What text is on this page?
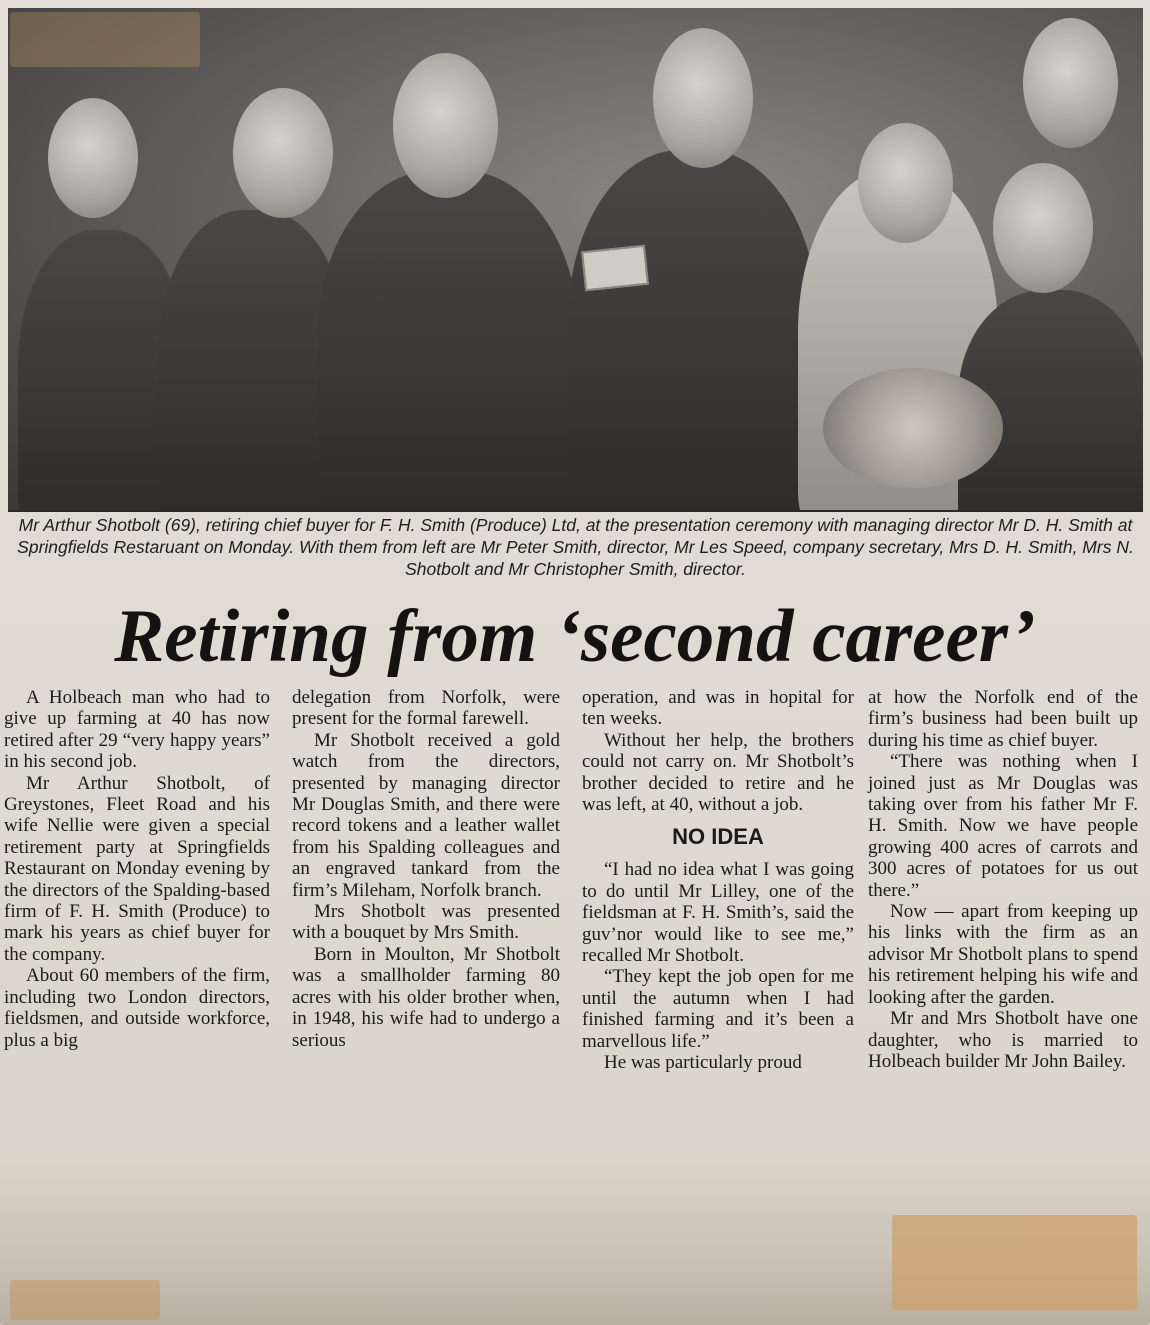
Mr Arthur Shotbolt (69), retiring chief buyer for F. H. Smith (Produce) Ltd, at the presentation ceremony with managing director Mr D. H. Smith at Springfields Restaruant on Monday. With them from left are Mr Peter Smith, director, Mr Les Speed, company secretary, Mrs D. H. Smith, Mrs N. Shotbolt and Mr Christopher Smith, director.

Retiring from ‘second career’

A Holbeach man who had to give up farming at 40 has now retired after 29 “very happy years” in his second job.

Mr Arthur Shotbolt, of Greystones, Fleet Road and his wife Nellie were given a special retirement party at Springfields Restaurant on Monday evening by the directors of the Spalding-based firm of F. H. Smith (Produce) to mark his years as chief buyer for the company.

About 60 members of the firm, including two London directors, fieldsmen, and outside workforce, plus a big

delegation from Norfolk, were present for the formal farewell.

Mr Shotbolt received a gold watch from the directors, presented by managing director Mr Douglas Smith, and there were record tokens and a leather wallet from his Spalding colleagues and an engraved tankard from the firm’s Mileham, Norfolk branch.

Mrs Shotbolt was presented with a bouquet by Mrs Smith.

Born in Moulton, Mr Shotbolt was a smallholder farming 80 acres with his older brother when, in 1948, his wife had to undergo a serious

operation, and was in hopital for ten weeks.

Without her help, the brothers could not carry on. Mr Shotbolt’s brother decided to retire and he was left, at 40, without a job.

NO IDEA

“I had no idea what I was going to do until Mr Lilley, one of the fieldsman at F. H. Smith’s, said the guv’nor would like to see me,” recalled Mr Shotbolt.

“They kept the job open for me until the autumn when I had finished farming and it’s been a marvellous life.”

He was particularly proud

at how the Norfolk end of the firm’s business had been built up during his time as chief buyer.

“There was nothing when I joined just as Mr Douglas was taking over from his father Mr F. H. Smith. Now we have people growing 400 acres of carrots and 300 acres of potatoes for us out there.”

Now — apart from keeping up his links with the firm as an advisor Mr Shotbolt plans to spend his retirement helping his wife and looking after the garden.

Mr and Mrs Shotbolt have one daughter, who is married to Holbeach builder Mr John Bailey.
